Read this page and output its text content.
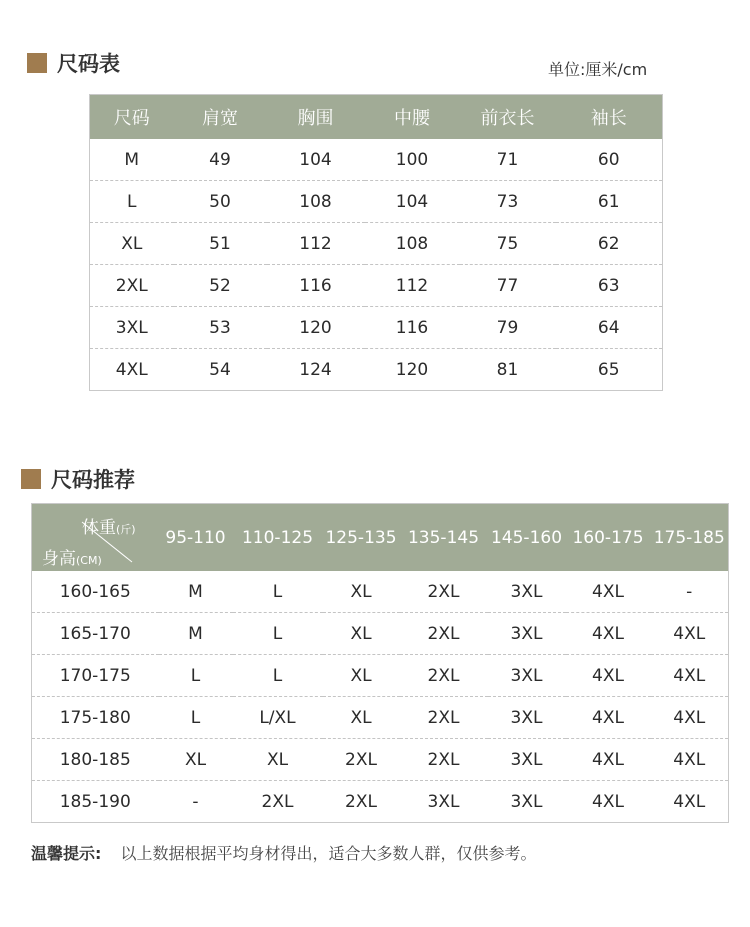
尺码表	单位:厘米/cm
尺码	肩宽	胸围	中腰	前衣长	袖长
M	49	104	100	71	60
L	50	108	104	73	61
XL	51	112	108	75	62
2XL	52	116	112	77	63
3XL	53	120	116	79	64
4XL	54	124	120	81	65
尺码推荐
体重(斤)
身高(CM)	95-110	110-125	125-135	135-145	145-160	160-175	175-185
160-165	M	L	XL	2XL	3XL	4XL	-
165-170	M	L	XL	2XL	3XL	4XL	4XL
170-175	L	L	XL	2XL	3XL	4XL	4XL
175-180	L	L/XL	XL	2XL	3XL	4XL	4XL
180-185	XL	XL	2XL	2XL	3XL	4XL	4XL
185-190	-	2XL	2XL	3XL	3XL	4XL	4XL
温馨提示: 以上数据根据平均身材得出，适合大多数人群，仅供参考。
